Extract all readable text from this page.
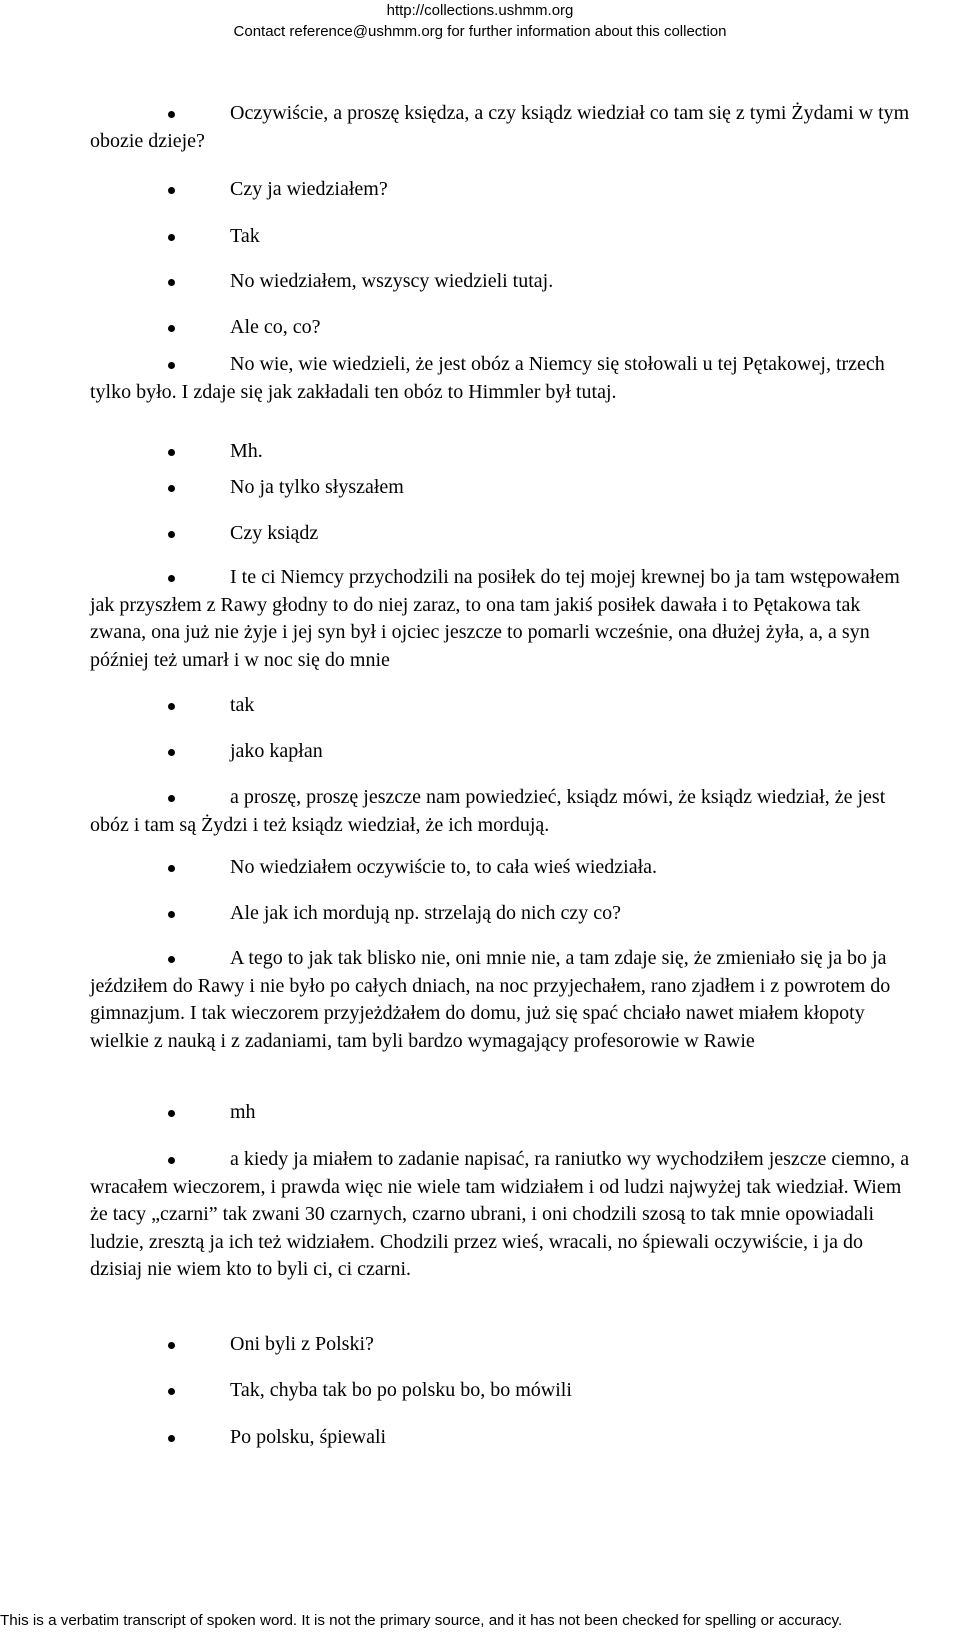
http://collections.ushmm.org
Contact reference@ushmm.org for further information about this collection
Oczywiście, a proszę księdza, a czy ksiądz wiedział co tam się z tymi Żydami w tym obozie dzieje?
Czy ja wiedziałem?
Tak
No wiedziałem, wszyscy wiedzieli tutaj.
Ale co, co?
No wie, wie wiedzieli, że jest obóz a Niemcy się stołowali u tej Pętakowej, trzech tylko było. I zdaje się jak zakładali ten obóz to Himmler był tutaj.
Mh.
No ja tylko słyszałem
Czy ksiądz
I te ci Niemcy przychodzili na posiłek do tej mojej krewnej bo ja tam wstępowałem jak przyszłem z Rawy głodny to do niej zaraz, to ona tam jakiś posiłek dawała i to Pętakowa tak zwana, ona już nie żyje i jej syn był i ojciec jeszcze to pomarli wcześnie, ona dłużej żyła, a, a syn później też umarł i w noc się do mnie
tak
jako kapłan
a proszę, proszę jeszcze nam powiedzieć, ksiądz mówi, że ksiądz wiedział, że jest obóz i tam są Żydzi i też ksiądz wiedział, że ich mordują.
No wiedziałem oczywiście to, to cała wieś wiedziała.
Ale jak ich mordują np. strzelają do nich czy co?
A tego to jak tak blisko nie, oni mnie nie, a tam zdaje się, że zmieniało się ja bo ja jeździłem do Rawy i nie było po całych dniach, na noc przyjechałem, rano zjadłem i z powrotem do gimnazjum. I tak wieczorem przyjeżdżałem do domu, już się spać chciało nawet miałem kłopoty wielkie z nauką i z zadaniami, tam byli bardzo wymagający profesorowie w Rawie
mh
a kiedy ja miałem to zadanie napisać, ra raniutko wy wychodziłem jeszcze ciemno, a wracałem wieczorem, i prawda więc nie wiele tam widziałem i od ludzi najwyżej tak wiedział. Wiem że tacy „czarni” tak zwani 30 czarnych, czarno ubrani, i oni chodzili szosą to tak mnie opowiadali ludzie, zresztą ja ich też widziałem. Chodzili przez wieś, wracali, no śpiewali oczywiście, i ja do dzisiaj nie wiem kto to byli ci, ci czarni.
Oni byli z Polski?
Tak, chyba tak bo po polsku bo, bo mówili
Po polsku, śpiewali
This is a verbatim transcript of spoken word. It is not the primary source, and it has not been checked for spelling or accuracy.
